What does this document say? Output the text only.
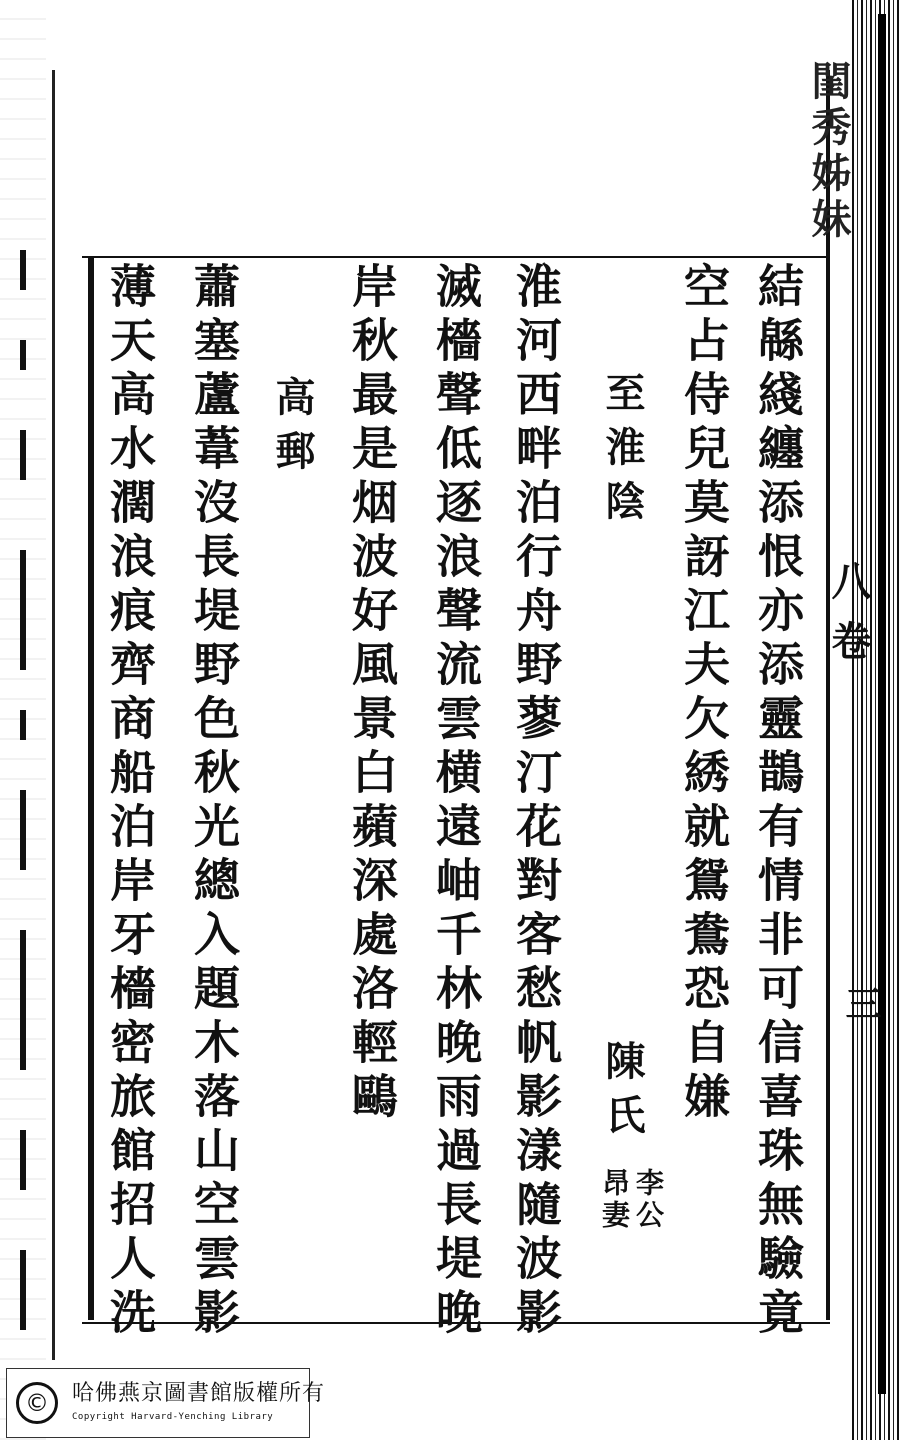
閨秀姊妹
八
卷
三
結緜綫纏添恨亦添靈鵲有情非可信喜珠無驗竟
空占侍兒莫訝江夫欠綉就鴛鴦恐自嫌
至淮陰
陳氏
李公
昂妻
淮河西畔泊行舟野蓼汀花對客愁帆影漾隨波影
滅檣聲低逐浪聲流雲横遠岫千林晚雨過長堤晚
岸秋最是烟波好風景白蘋深處洛輕鷗
高郵
蕭塞蘆葦沒長堤野色秋光總入題木落山空雲影
薄天高水濶浪痕齊商船泊岸牙檣密旅館招人洗
©	哈佛燕京圖書館版權所有
Copyright Harvard-Yenching Library
